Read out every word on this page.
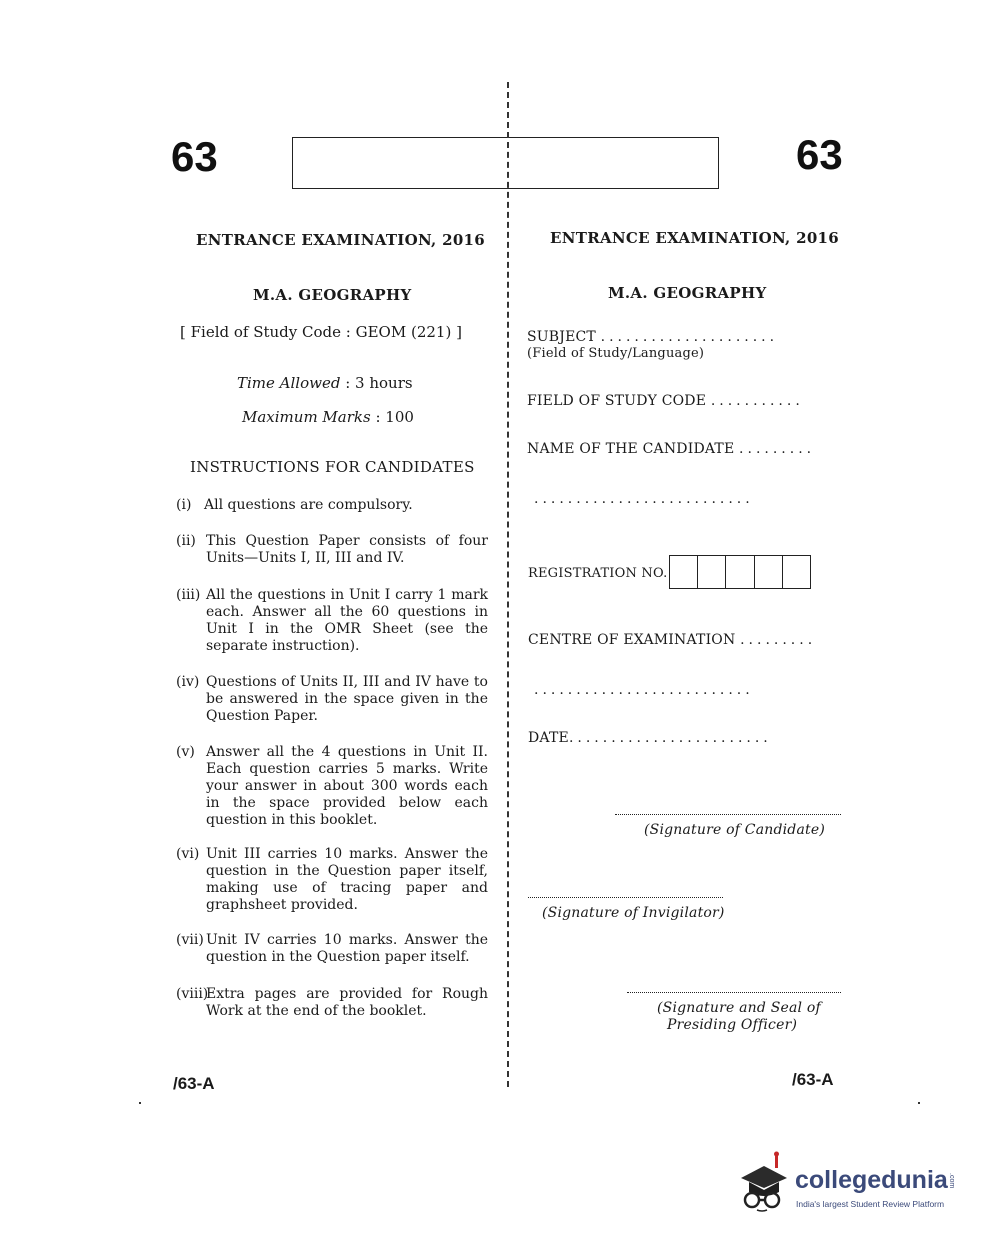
63	63
ENTRANCE EXAMINATION, 2016
M.A. GEOGRAPHY
[ Field of Study Code : GEOM (221) ]
Time Allowed : 3 hours
Maximum Marks : 100
INSTRUCTIONS FOR CANDIDATES
(i) All questions are compulsory.
(ii) This Question Paper consists of four Units—Units I, II, III and IV.
(iii) All the questions in Unit I carry 1 mark each. Answer all the 60 questions in Unit I in the OMR Sheet (see the separate instruction).
(iv) Questions of Units II, III and IV have to be answered in the space given in the Question Paper.
(v) Answer all the 4 questions in Unit II. Each question carries 5 marks. Write your answer in about 300 words each in the space provided below each question in this booklet.
(vi) Unit III carries 10 marks. Answer the question in the Question paper itself, making use of tracing paper and graphsheet provided.
(vii) Unit IV carries 10 marks. Answer the question in the Question paper itself.
(viii)
Extra pages are provided for Rough Work at the end of the booklet.
/63-A
ENTRANCE EXAMINATION, 2016
M.A. GEOGRAPHY
SUBJECT .....................
(Field of Study/Language)
FIELD OF STUDY CODE ...........
NAME OF THE CANDIDATE .........
..........................
REGISTRATION NO.
CENTRE OF EXAMINATION .........
..........................
DATE........................
(Signature of Candidate)
(Signature of Invigilator)
(Signature and Seal of
Presiding Officer)
/63-A
collegedunia.com
India's largest Student Review Platform
